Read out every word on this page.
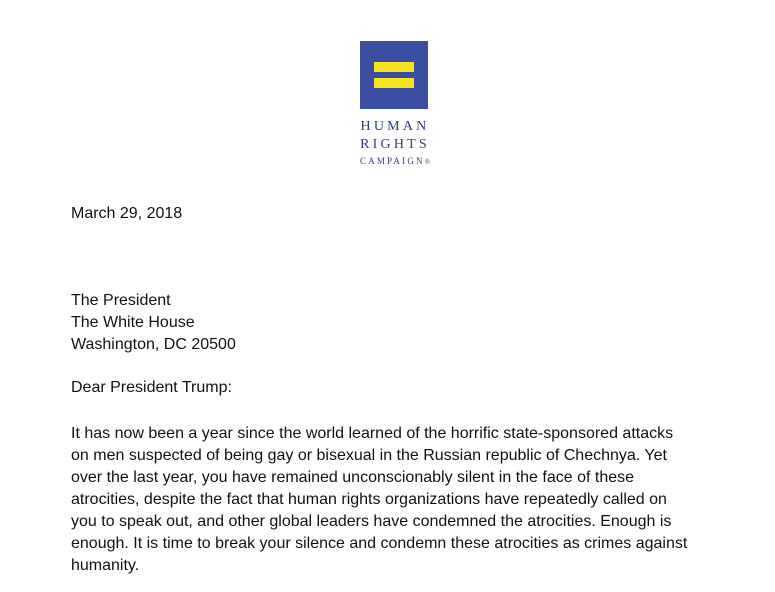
HUMAN
RIGHTS
CAMPAIGN®
March 29, 2018
The President
The White House
Washington, DC 20500
Dear President Trump:
It has now been a year since the world learned of the horrific state-sponsored attacks
on men suspected of being gay or bisexual in the Russian republic of Chechnya. Yet
over the last year, you have remained unconscionably silent in the face of these
atrocities, despite the fact that human rights organizations have repeatedly called on
you to speak out, and other global leaders have condemned the atrocities. Enough is
enough. It is time to break your silence and condemn these atrocities as crimes against
humanity.
